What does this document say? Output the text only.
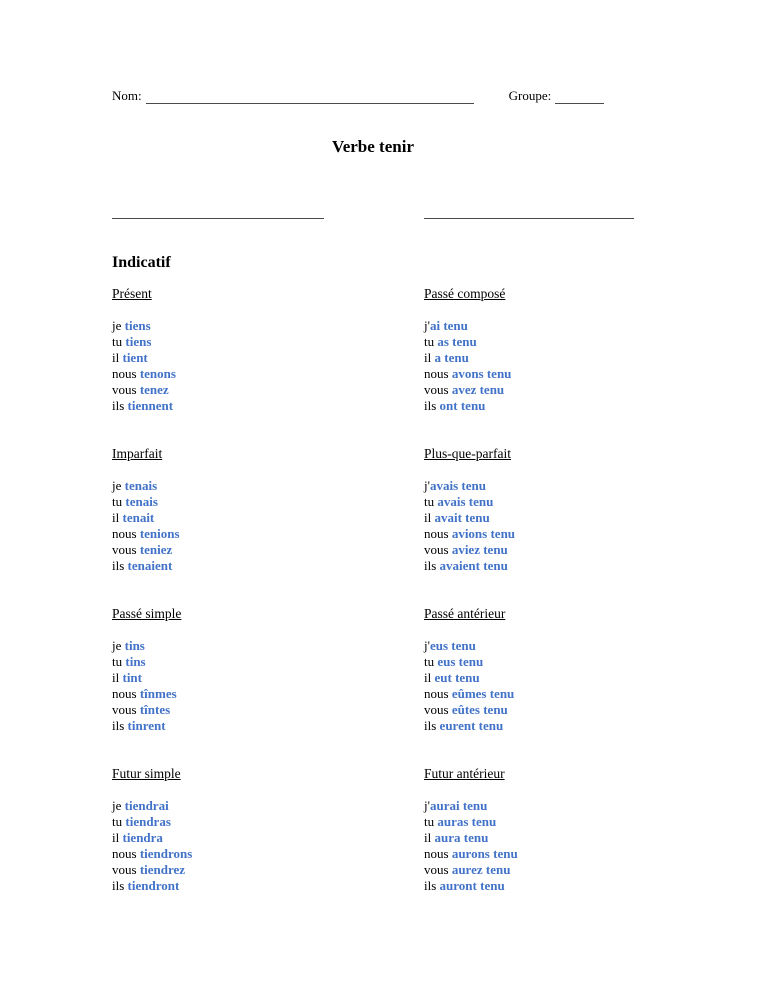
Nom:	Groupe:
Verbe tenir
Indicatif
Présent
je tiens
tu tiens
il tient
nous tenons
vous tenez
ils tiennent
Passé composé
j'ai tenu
tu as tenu
il a tenu
nous avons tenu
vous avez tenu
ils ont tenu
Imparfait
je tenais
tu tenais
il tenait
nous tenions
vous teniez
ils tenaient
Plus-que-parfait
j'avais tenu
tu avais tenu
il avait tenu
nous avions tenu
vous aviez tenu
ils avaient tenu
Passé simple
je tins
tu tins
il tint
nous tînmes
vous tîntes
ils tinrent
Passé antérieur
j'eus tenu
tu eus tenu
il eut tenu
nous eûmes tenu
vous eûtes tenu
ils eurent tenu
Futur simple
je tiendrai
tu tiendras
il tiendra
nous tiendrons
vous tiendrez
ils tiendront
Futur antérieur
j'aurai tenu
tu auras tenu
il aura tenu
nous aurons tenu
vous aurez tenu
ils auront tenu
